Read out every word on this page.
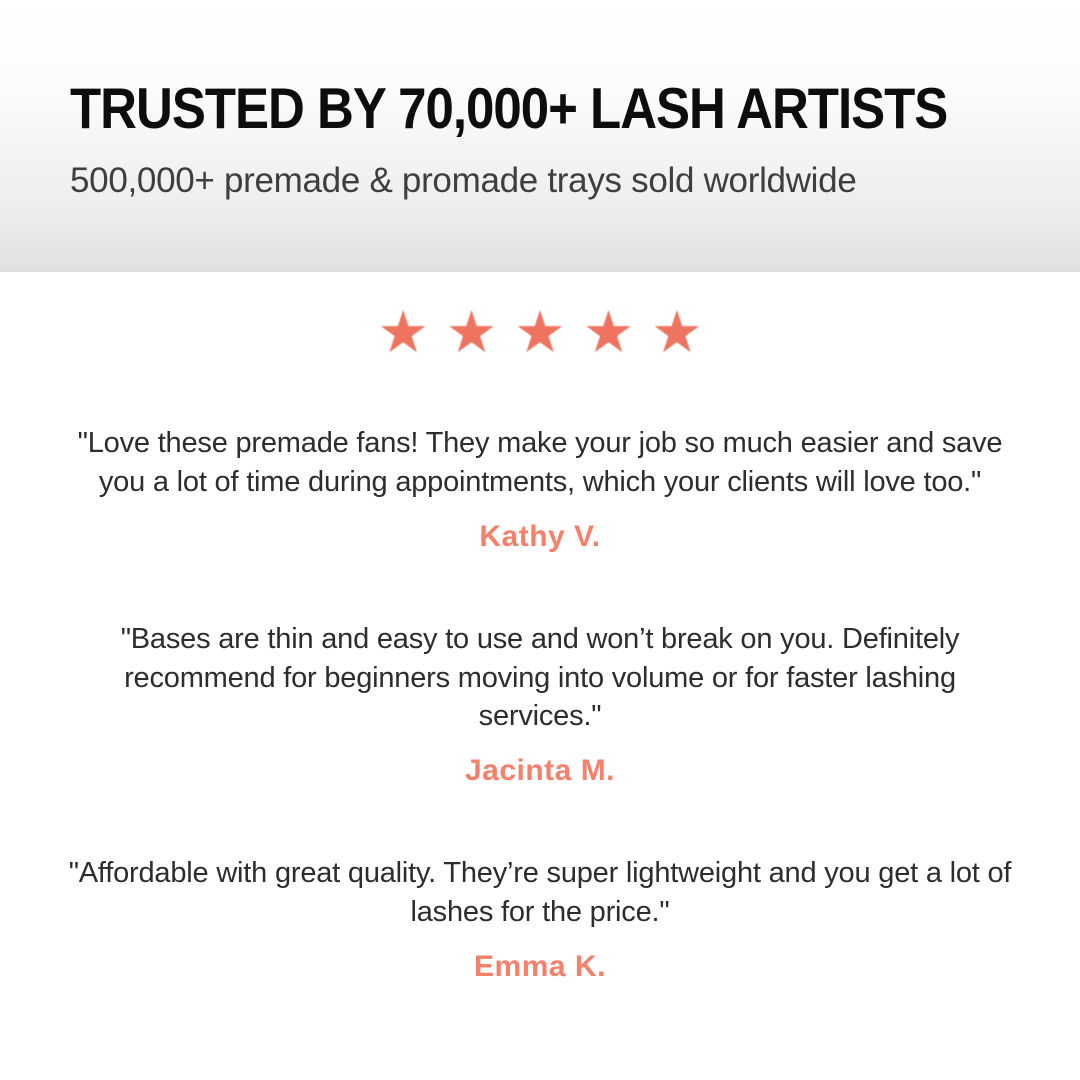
TRUSTED BY 70,000+ LASH ARTISTS
500,000+ premade & promade trays sold worldwide
★ ★ ★ ★ ★
"Love these premade fans! They make your job so much easier and save you a lot of time during appointments, which your clients will love too."
Kathy V.
"Bases are thin and easy to use and won’t break on you. Definitely recommend for beginners moving into volume or for faster lashing services."
Jacinta M.
"Affordable with great quality. They’re super lightweight and you get a lot of lashes for the price."
Emma K.
